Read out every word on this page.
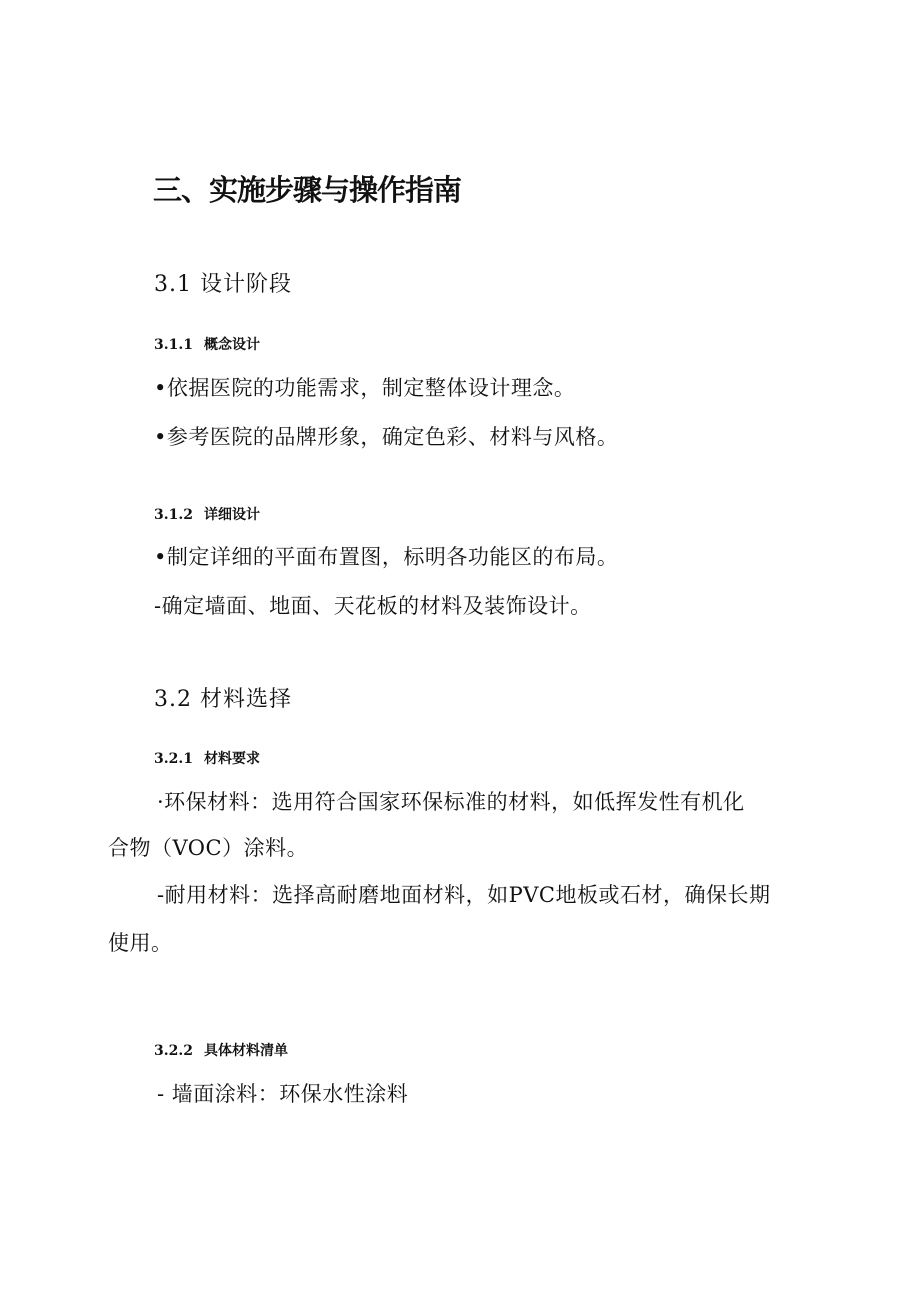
三、实施步骤与操作指南
3.1 设计阶段
3.1.1 概念设计
•依据医院的功能需求，制定整体设计理念。
•参考医院的品牌形象，确定色彩、材料与风格。
3.1.2 详细设计
•制定详细的平面布置图，标明各功能区的布局。
-确定墙面、地面、天花板的材料及装饰设计。
3.2 材料选择
3.2.1 材料要求
·环保材料：选用符合国家环保标准的材料，如低挥发性有机化
合物（VOC）涂料。
-耐用材料：选择高耐磨地面材料，如PVC地板或石材，确保长期
使用。
3.2.2 具体材料清单
- 墙面涂料：环保水性涂料
